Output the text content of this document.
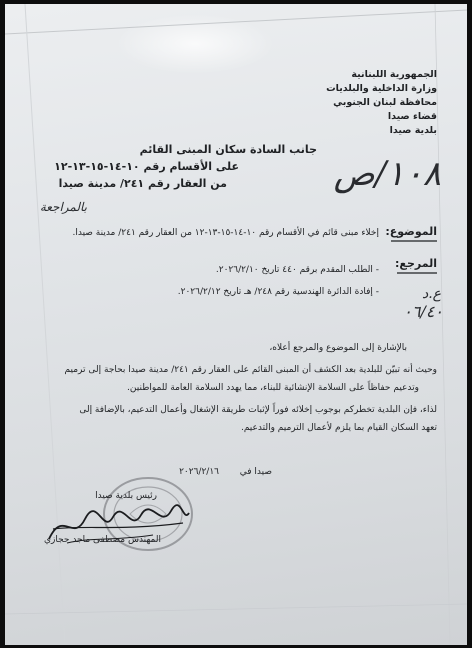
الجمهورية اللبنانية
وزارة الداخلية والبلديات
محافظة لبنان الجنوبي
قضاء صيدا
بلدية صيدا
جانب السادة سكان المبنى القائم
على الأقسام رقم ١٠-١٤-١٥-١٣-١٢
من العقار رقم ٢٤١/ مدينة صيدا	١٠٨/ص
بالمراجعة
الموضوع:
إخلاء مبنى قائم في الأقسام رقم ١٠-١٤-١٥-١٣-١٢ من العقار رقم ٢٤١/ مدينة صيدا.
المرجع:
- الطلب المقدم برقم ٤٤٠ تاريخ ٢٠٢٦/٢/١٠.
- إفادة الدائرة الهندسية رقم ٢٤٨/ هـ تاريخ ٢٠٢٦/٢/١٢.	ع.د
٠٦/٤٠
بالإشارة إلى الموضوع والمرجع أعلاه،
وحيث أنه تبيّن للبلدية بعد الكشف أن المبنى القائم على العقار رقم ٢٤١/ مدينة صيدا بحاجة إلى ترميم
وتدعيم حفاظاً على السلامة الإنشائية للبناء، مما يهدد السلامة العامة للمواطنين.
لذاء، فإن البلدية تخطركم بوجوب إخلائه فوراً لإثبات طريقة الإشغال وأعمال التدعيم، بالإضافة إلى
تعهد السكان القيام بما يلزم لأعمال الترميم والتدعيم.
صيدا في
٢٠٢٦/٢/١٦
رئيس بلدية صيدا
المهندس مصطفى ماجد حجازي
